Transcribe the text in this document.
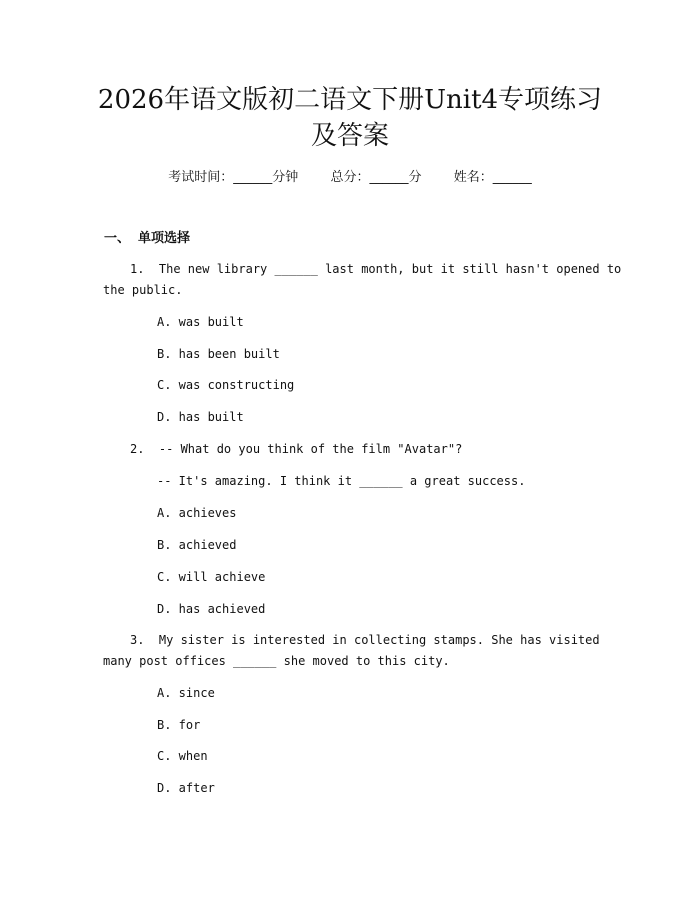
2026年语文版初二语文下册Unit4专项练习
及答案
考试时间：______分钟 总分：______分 姓名：______
一、 单项选择
1.  The new library ______ last month, but it still hasn't opened to
the public.
A. was built
B. has been built
C. was constructing
D. has built
2.  -- What do you think of the film "Avatar"?
-- It's amazing. I think it ______ a great success.
A. achieves
B. achieved
C. will achieve
D. has achieved
3.  My sister is interested in collecting stamps. She has visited
many post offices ______ she moved to this city.
A. since
B. for
C. when
D. after
